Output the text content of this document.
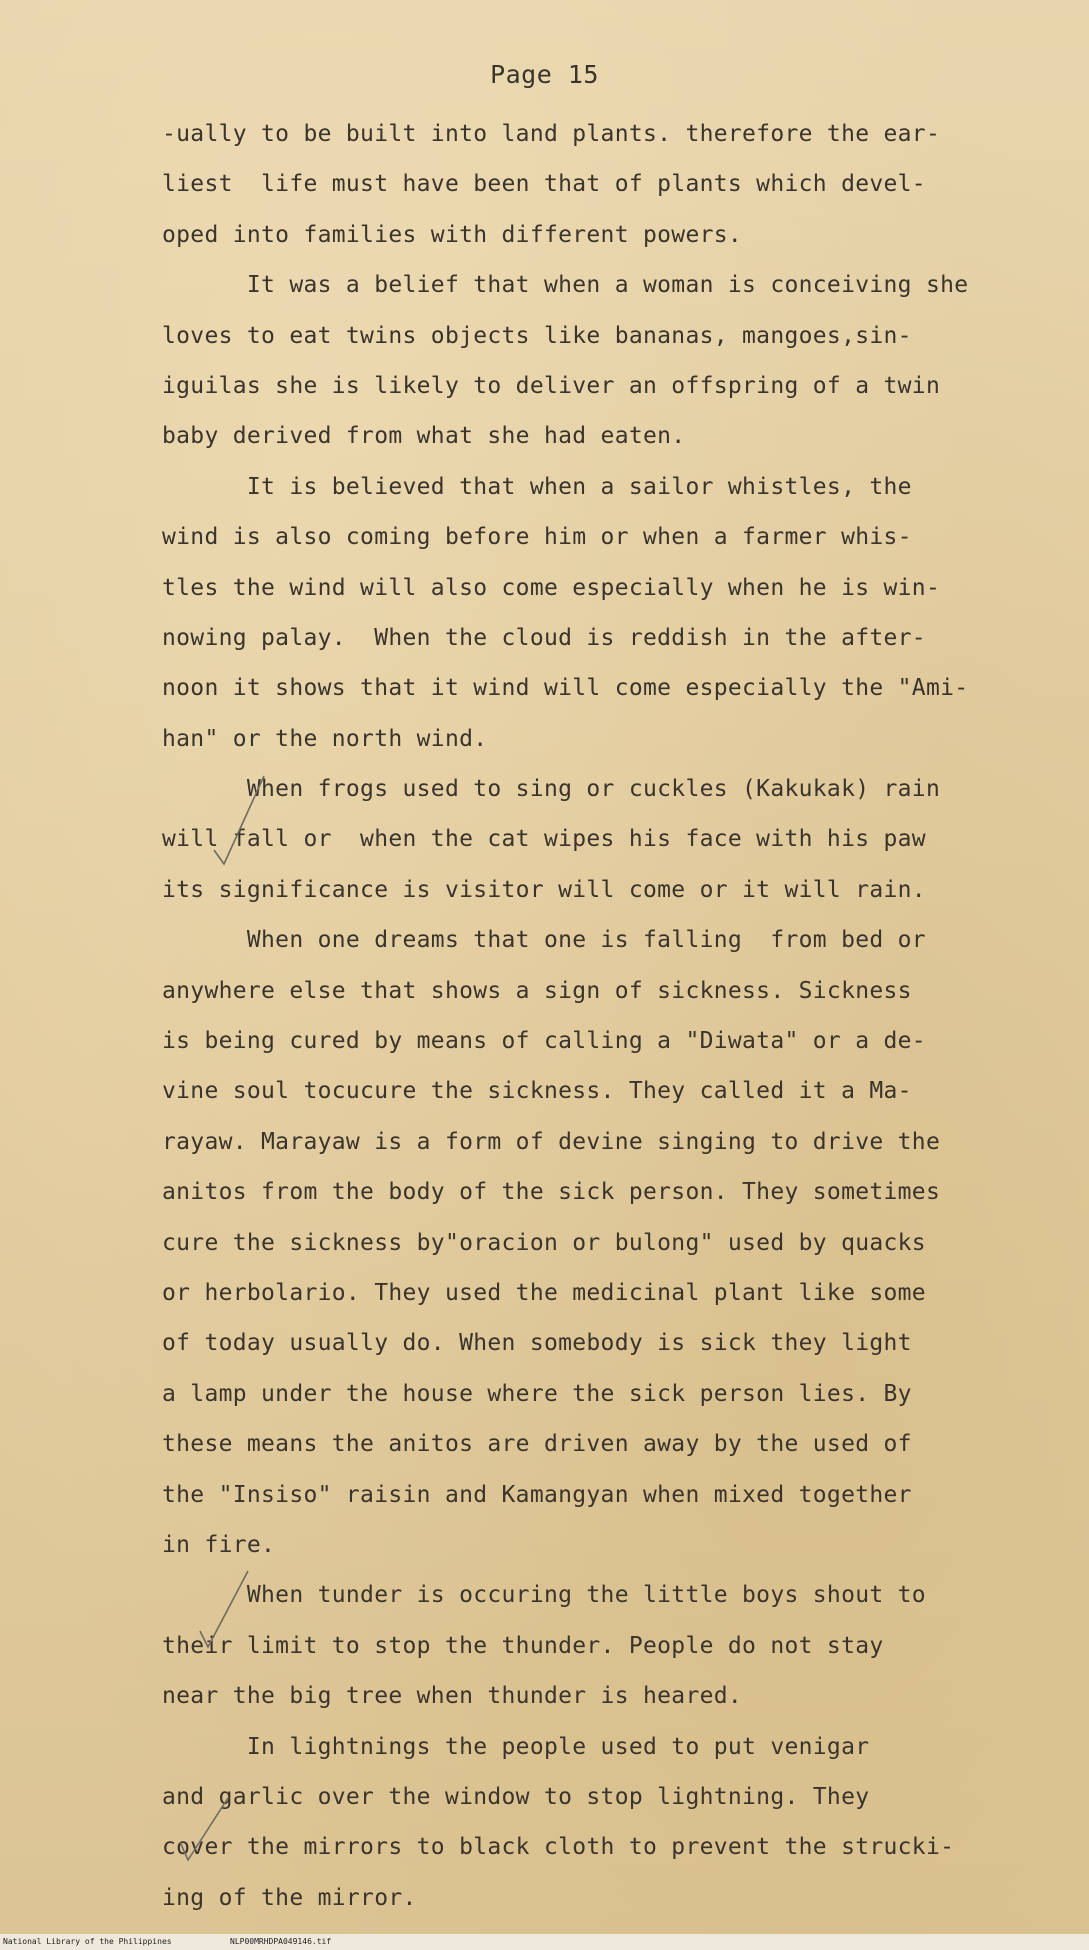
Page 15
-ually to be built into land plants. therefore the ear-
liest  life must have been that of plants which devel-
oped into families with different powers.
It was a belief that when a woman is conceiving she
loves to eat twins objects like bananas, mangoes,sin-
iguilas she is likely to deliver an offspring of a twin
baby derived from what she had eaten.
It is believed that when a sailor whistles, the
wind is also coming before him or when a farmer whis-
tles the wind will also come especially when he is win-
nowing palay.  When the cloud is reddish in the after-
noon it shows that it wind will come especially the "Ami-
han" or the north wind.
When frogs used to sing or cuckles (Kakukak) rain
will fall or  when the cat wipes his face with his paw
its significance is visitor will come or it will rain.
When one dreams that one is falling  from bed or
anywhere else that shows a sign of sickness. Sickness
is being cured by means of calling a "Diwata" or a de-
vine soul tocucure the sickness. They called it a Ma-
rayaw. Marayaw is a form of devine singing to drive the
anitos from the body of the sick person. They sometimes
cure the sickness by"oracion or bulong" used by quacks
or herbolario. They used the medicinal plant like some
of today usually do. When somebody is sick they light
a lamp under the house where the sick person lies. By
these means the anitos are driven away by the used of
the "Insiso" raisin and Kamangyan when mixed together
in fire.
When tunder is occuring the little boys shout to
their limit to stop the thunder. People do not stay
near the big tree when thunder is heared.
In lightnings the people used to put venigar
and garlic over the window to stop lightning. They
cover the mirrors to black cloth to prevent the strucki-
ing of the mirror.

National Library of the Philippines

	NLP00MRHDPA049146.tif
